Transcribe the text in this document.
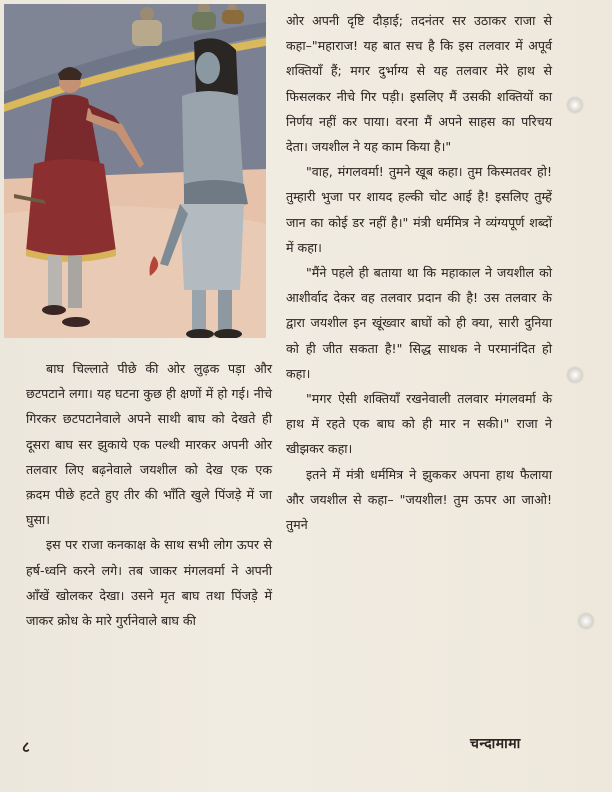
ओर अपनी दृष्टि दौड़ाई; तदनंतर सर उठाकर राजा से कहा–"महाराज! यह बात सच है कि इस तलवार में अपूर्व शक्तियाँ हैं; मगर दुर्भाग्य से यह तलवार मेरे हाथ से फिसलकर नीचे गिर पड़ी। इसलिए मैं उसकी शक्तियों का निर्णय नहीं कर पाया। वरना मैं अपने साहस का परिचय देता। जयशील ने यह काम किया है।"

"वाह, मंगलवर्मा! तुमने खूब कहा। तुम किस्मतवर हो! तुम्हारी भुजा पर शायद हल्की चोट आई है! इसलिए तुम्हें जान का कोई डर नहीं है।" मंत्री धर्ममित्र ने व्यंग्यपूर्ण शब्दों में कहा।

"मैंने पहले ही बताया था कि महाकाल ने जयशील को आशीर्वाद देकर वह तलवार प्रदान की है! उस तलवार के द्वारा जयशील इन खूंख्वार बाघों को ही क्या, सारी दुनिया को ही जीत सकता है!" सिद्ध साधक ने परमानंदित हो कहा।

"मगर ऐसी शक्तियाँ रखनेवाली तलवार मंगलवर्मा के हाथ में रहते एक बाघ को ही मार न सकी।" राजा ने खीझकर कहा।

इतने में मंत्री धर्ममित्र ने झुककर अपना हाथ फैलाया और जयशील से कहा– "जयशील! तुम ऊपर आ जाओ! तुमने

बाघ चिल्लाते पीछे की ओर लुढ़क पड़ा और छटपटाने लगा। यह घटना कुछ ही क्षणों में हो गई। नीचे गिरकर छटपटानेवाले अपने साथी बाघ को देखते ही दूसरा बाघ सर झुकाये एक पल्थी मारकर अपनी ओर तलवार लिए बढ़नेवाले जयशील को देख एक एक क़दम पीछे हटते हुए तीर की भाँति खुले पिंजड़े में जा घुसा।

इस पर राजा कनकाक्ष के साथ सभी लोग ऊपर से हर्ष-ध्वनि करने लगे। तब जाकर मंगलवर्मा ने अपनी आँखें खोलकर देखा। उसने मृत बाघ तथा पिंजड़े में जाकर क्रोध के मारे गुर्रानेवाले बाघ की

८	चन्दामामा
